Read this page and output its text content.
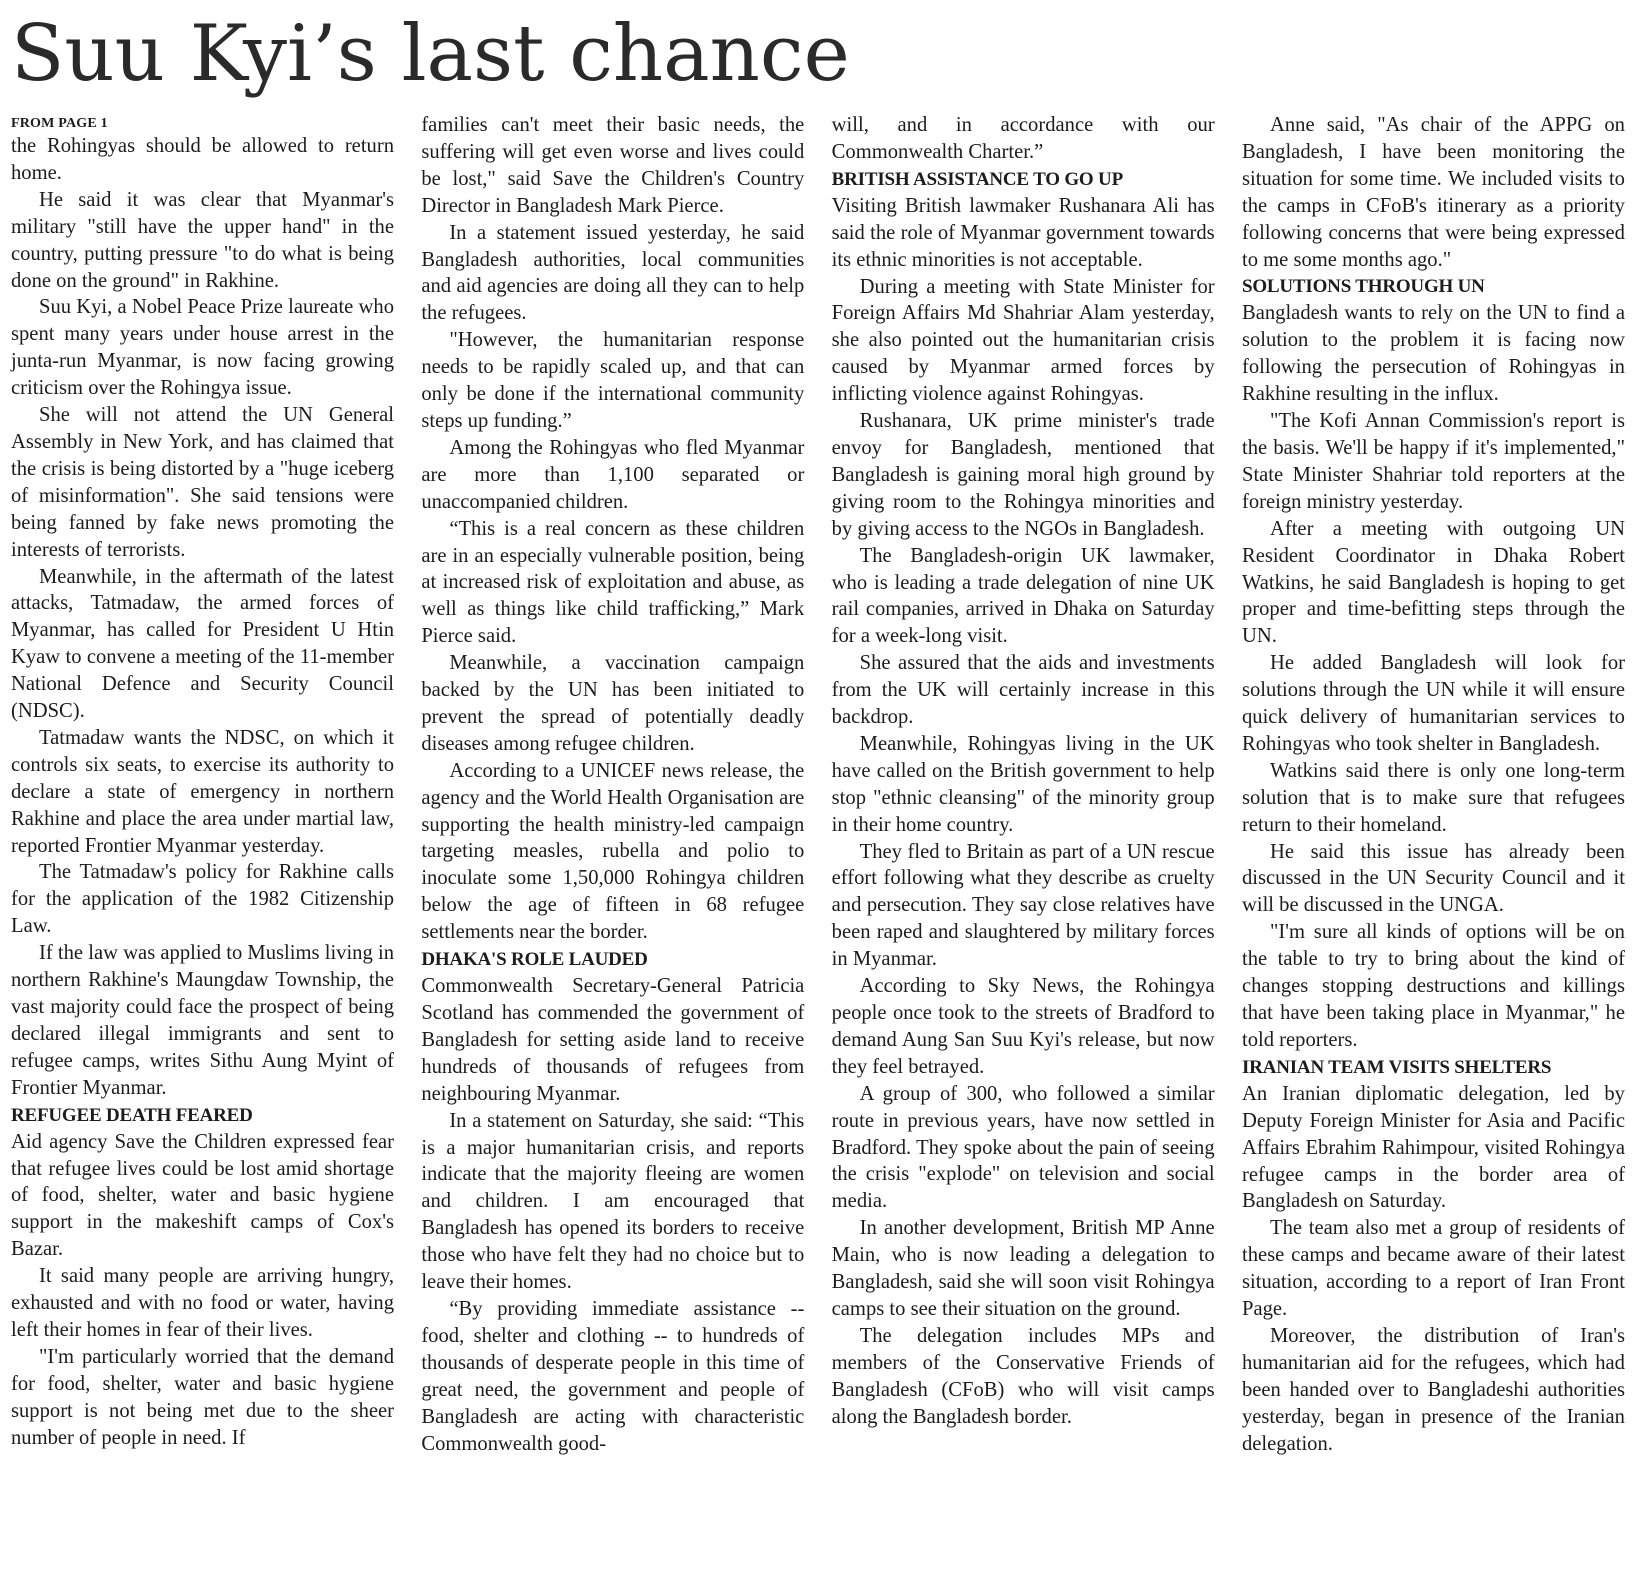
Suu Kyi’s last chance
FROM PAGE 1

the Rohingyas should be allowed to return home.

He said it was clear that Myanmar's military "still have the upper hand" in the country, putting pressure "to do what is being done on the ground" in Rakhine.

Suu Kyi, a Nobel Peace Prize laureate who spent many years under house arrest in the junta-run Myanmar, is now facing growing criticism over the Rohingya issue.

She will not attend the UN General Assembly in New York, and has claimed that the crisis is being distorted by a "huge iceberg of misinformation". She said tensions were being fanned by fake news promoting the interests of terrorists.

Meanwhile, in the aftermath of the latest attacks, Tatmadaw, the armed forces of Myanmar, has called for President U Htin Kyaw to convene a meeting of the 11-member National Defence and Security Council (NDSC).

Tatmadaw wants the NDSC, on which it controls six seats, to exercise its authority to declare a state of emergency in northern Rakhine and place the area under martial law, reported Frontier Myanmar yesterday.

The Tatmadaw's policy for Rakhine calls for the application of the 1982 Citizenship Law.

If the law was applied to Muslims living in northern Rakhine's Maungdaw Township, the vast majority could face the prospect of being declared illegal immigrants and sent to refugee camps, writes Sithu Aung Myint of Frontier Myanmar.

REFUGEE DEATH FEARED

Aid agency Save the Children expressed fear that refugee lives could be lost amid shortage of food, shelter, water and basic hygiene support in the makeshift camps of Cox's Bazar.

It said many people are arriving hungry, exhausted and with no food or water, having left their homes in fear of their lives.

"I'm particularly worried that the demand for food, shelter, water and basic hygiene support is not being met due to the sheer number of people in need. If

families can't meet their basic needs, the suffering will get even worse and lives could be lost," said Save the Children's Country Director in Bangladesh Mark Pierce.

In a statement issued yesterday, he said Bangladesh authorities, local communities and aid agencies are doing all they can to help the refugees.

"However, the humanitarian response needs to be rapidly scaled up, and that can only be done if the international community steps up funding.”

Among the Rohingyas who fled Myanmar are more than 1,100 separated or unaccompanied children.

“This is a real concern as these children are in an especially vulnerable position, being at increased risk of exploitation and abuse, as well as things like child trafficking,” Mark Pierce said.

Meanwhile, a vaccination campaign backed by the UN has been initiated to prevent the spread of potentially deadly diseases among refugee children.

According to a UNICEF news release, the agency and the World Health Organisation are supporting the health ministry-led campaign targeting measles, rubella and polio to inoculate some 1,50,000 Rohingya children below the age of fifteen in 68 refugee settlements near the border.

DHAKA'S ROLE LAUDED

Commonwealth Secretary-General Patricia Scotland has commended the government of Bangladesh for setting aside land to receive hundreds of thousands of refugees from neighbouring Myanmar.

In a statement on Saturday, she said: “This is a major humanitarian crisis, and reports indicate that the majority fleeing are women and children. I am encouraged that Bangladesh has opened its borders to receive those who have felt they had no choice but to leave their homes.

“By providing immediate assistance -- food, shelter and clothing -- to hundreds of thousands of desperate people in this time of great need, the government and people of Bangladesh are acting with characteristic Commonwealth good-

will, and in accordance with our Commonwealth Charter.”

BRITISH ASSISTANCE TO GO UP

Visiting British lawmaker Rushanara Ali has said the role of Myanmar government towards its ethnic minorities is not acceptable.

During a meeting with State Minister for Foreign Affairs Md Shahriar Alam yesterday, she also pointed out the humanitarian crisis caused by Myanmar armed forces by inflicting violence against Rohingyas.

Rushanara, UK prime minister's trade envoy for Bangladesh, mentioned that Bangladesh is gaining moral high ground by giving room to the Rohingya minorities and by giving access to the NGOs in Bangladesh.

The Bangladesh-origin UK lawmaker, who is leading a trade delegation of nine UK rail companies, arrived in Dhaka on Saturday for a week-long visit.

She assured that the aids and investments from the UK will certainly increase in this backdrop.

Meanwhile, Rohingyas living in the UK have called on the British government to help stop "ethnic cleansing" of the minority group in their home country.

They fled to Britain as part of a UN rescue effort following what they describe as cruelty and persecution. They say close relatives have been raped and slaughtered by military forces in Myanmar.

According to Sky News, the Rohingya people once took to the streets of Bradford to demand Aung San Suu Kyi's release, but now they feel betrayed.

A group of 300, who followed a similar route in previous years, have now settled in Bradford. They spoke about the pain of seeing the crisis "explode" on television and social media.

In another development, British MP Anne Main, who is now leading a delegation to Bangladesh, said she will soon visit Rohingya camps to see their situation on the ground.

The delegation includes MPs and members of the Conservative Friends of Bangladesh (CFoB) who will visit camps along the Bangladesh border.

Anne said, "As chair of the APPG on Bangladesh, I have been monitoring the situation for some time. We included visits to the camps in CFoB's itinerary as a priority following concerns that were being expressed to me some months ago."

SOLUTIONS THROUGH UN

Bangladesh wants to rely on the UN to find a solution to the problem it is facing now following the persecution of Rohingyas in Rakhine resulting in the influx.

"The Kofi Annan Commission's report is the basis. We'll be happy if it's implemented," State Minister Shahriar told reporters at the foreign ministry yesterday.

After a meeting with outgoing UN Resident Coordinator in Dhaka Robert Watkins, he said Bangladesh is hoping to get proper and time-befitting steps through the UN.

He added Bangladesh will look for solutions through the UN while it will ensure quick delivery of humanitarian services to Rohingyas who took shelter in Bangladesh.

Watkins said there is only one long-term solution that is to make sure that refugees return to their homeland.

He said this issue has already been discussed in the UN Security Council and it will be discussed in the UNGA.

"I'm sure all kinds of options will be on the table to try to bring about the kind of changes stopping destructions and killings that have been taking place in Myanmar," he told reporters.

IRANIAN TEAM VISITS SHELTERS

An Iranian diplomatic delegation, led by Deputy Foreign Minister for Asia and Pacific Affairs Ebrahim Rahimpour, visited Rohingya refugee camps in the border area of Bangladesh on Saturday.

The team also met a group of residents of these camps and became aware of their latest situation, according to a report of Iran Front Page.

Moreover, the distribution of Iran's humanitarian aid for the refugees, which had been handed over to Bangladeshi authorities yesterday, began in presence of the Iranian delegation.
